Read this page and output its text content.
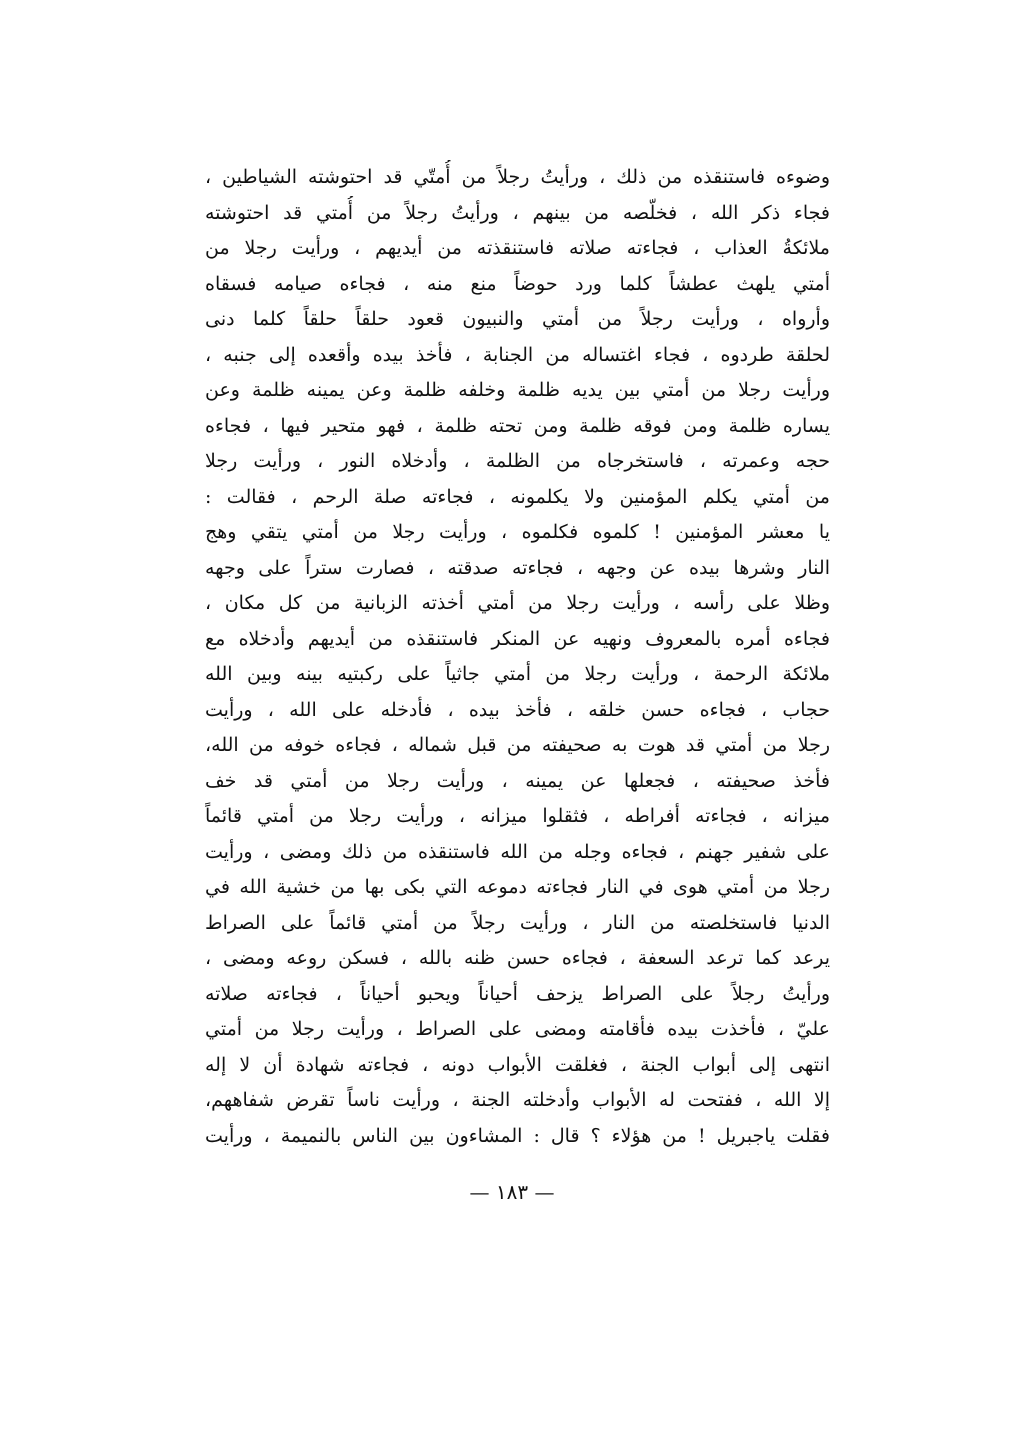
وضوءه فاستنقذه من ذلك ، ورأيتُ رجلاً من أُمتّي قد احتوشته الشياطين ،
فجاء ذكر الله ، فخلّصه من بينهم ، ورأيتُ رجلاً من أُمتي قد احتوشته
ملائكةُ العذاب ، فجاءته صلاته فاستنقذته من أيديهم ، ورأيت رجلا من
أمتي يلهث عطشاً كلما ورد حوضاً منع منه ، فجاءه صيامه فسقاه
وأرواه ، ورأيت رجلاً من أمتي والنبيون قعود حلقاً حلقاً كلما دنى
لحلقة طردوه ، فجاء اغتساله من الجنابة ، فأخذ بيده وأقعده إلى جنبه ،
ورأيت رجلا من أمتي بين يديه ظلمة وخلفه ظلمة وعن يمينه ظلمة وعن
يساره ظلمة ومن فوقه ظلمة ومن تحته ظلمة ، فهو متحير فيها ، فجاءه
حجه وعمرته ، فاستخرجاه من الظلمة ، وأدخلاه النور ، ورأيت رجلا
من أمتي يكلم المؤمنين ولا يكلمونه ، فجاءته صلة الرحم ، فقالت :
يا معشر المؤمنين ! كلموه فكلموه ، ورأيت رجلا من أمتي يتقي وهج
النار وشرها بيده عن وجهه ، فجاءته صدقته ، فصارت ستراً على وجهه
وظلا على رأسه ، ورأيت رجلا من أمتي أخذته الزبانية من كل مكان ،
فجاءه أمره بالمعروف ونهيه عن المنكر فاستنقذه من أيديهم وأدخلاه مع
ملائكة الرحمة ، ورأيت رجلا من أمتي جاثياً على ركبتيه بينه وبين الله
حجاب ، فجاءه حسن خلقه ، فأخذ بيده ، فأدخله على الله ، ورأيت
رجلا من أمتي قد هوت به صحيفته من قبل شماله ، فجاءه خوفه من الله،
فأخذ صحيفته ، فجعلها عن يمينه ، ورأيت رجلا من أمتي قد خف
ميزانه ، فجاءته أفراطه ، فثقلوا ميزانه ، ورأيت رجلا من أمتي قائماً
على شفير جهنم ، فجاءه وجله من الله فاستنقذه من ذلك ومضى ، ورأيت
رجلا من أمتي هوى في النار فجاءته دموعه التي بكى بها من خشية الله في
الدنيا فاستخلصته من النار ، ورأيت رجلاً من أمتي قائماً على الصراط
يرعد كما ترعد السعفة ، فجاءه حسن ظنه بالله ، فسكن روعه ومضى ،
ورأيتُ رجلاً على الصراط يزحف أحياناً ويحبو أحياناً ، فجاءته صلاته
عليّ ، فأخذت بيده فأقامته ومضى على الصراط ، ورأيت رجلا من أمتي
انتهى إلى أبواب الجنة ، فغلقت الأبواب دونه ، فجاءته شهادة أن لا إله
إلا الله ، ففتحت له الأبواب وأدخلته الجنة ، ورأيت ناساً تقرض شفاههم،
فقلت ياجبريل ! من هؤلاء ؟ قال : المشاءون بين الناس بالنميمة ، ورأيت
— ١٨٣ —
